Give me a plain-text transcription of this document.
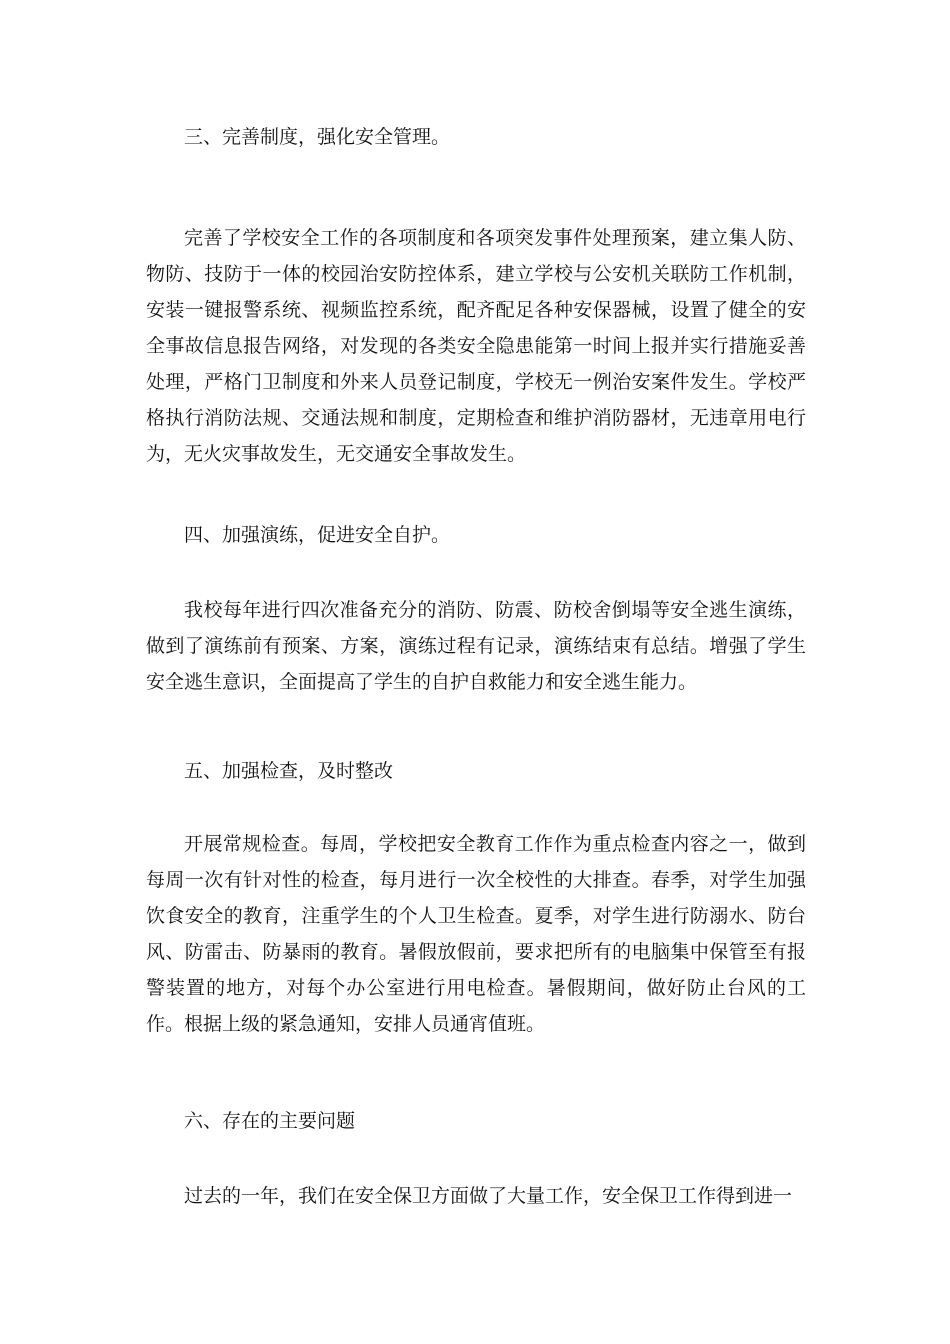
三、完善制度，强化安全管理。

完善了学校安全工作的各项制度和各项突发事件处理预案，建立集人防、物防、技防于一体的校园治安防控体系，建立学校与公安机关联防工作机制，安装一键报警系统、视频监控系统，配齐配足各种安保器械，设置了健全的安全事故信息报告网络，对发现的各类安全隐患能第一时间上报并实行措施妥善处理，严格门卫制度和外来人员登记制度，学校无一例治安案件发生。学校严格执行消防法规、交通法规和制度，定期检查和维护消防器材，无违章用电行为，无火灾事故发生，无交通安全事故发生。

四、加强演练，促进安全自护。

我校每年进行四次准备充分的消防、防震、防校舍倒塌等安全逃生演练，做到了演练前有预案、方案，演练过程有记录，演练结束有总结。增强了学生安全逃生意识，全面提高了学生的自护自救能力和安全逃生能力。

五、加强检查，及时整改

开展常规检查。每周，学校把安全教育工作作为重点检查内容之一，做到每周一次有针对性的检查，每月进行一次全校性的大排查。春季，对学生加强饮食安全的教育，注重学生的个人卫生检查。夏季，对学生进行防溺水、防台风、防雷击、防暴雨的教育。暑假放假前，要求把所有的电脑集中保管至有报警装置的地方，对每个办公室进行用电检查。暑假期间，做好防止台风的工作。根据上级的紧急通知，安排人员通宵值班。

六、存在的主要问题

过去的一年，我们在安全保卫方面做了大量工作，安全保卫工作得到进一
